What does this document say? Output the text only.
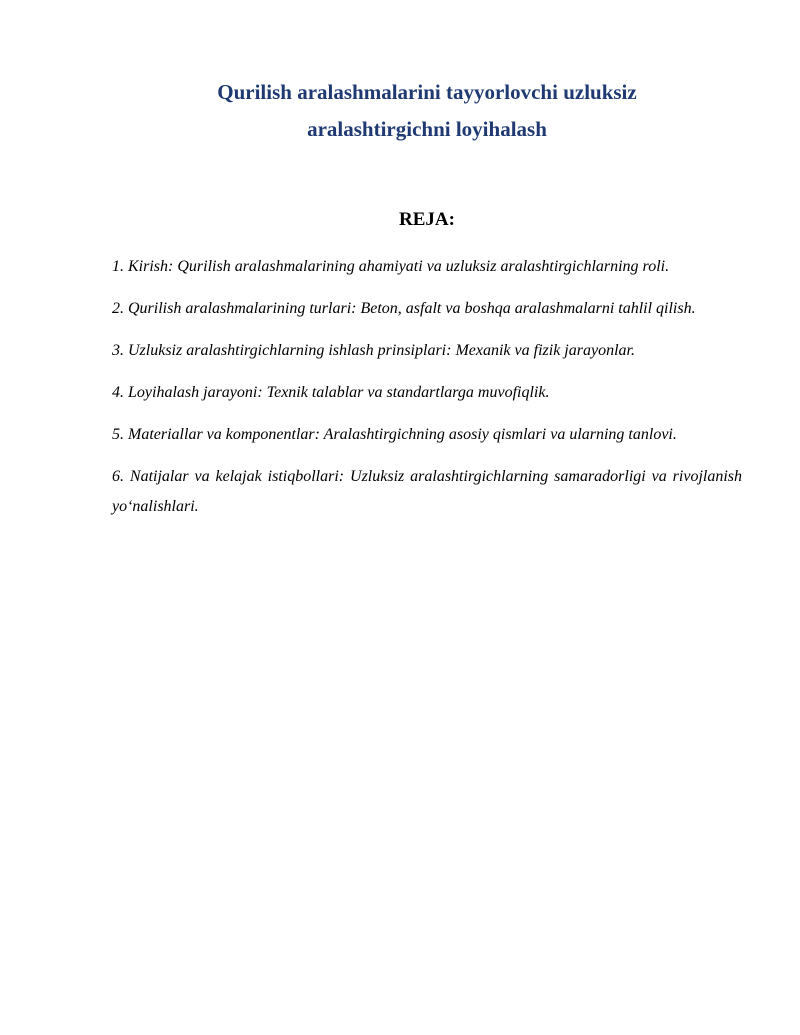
Qurilish aralashmalarini tayyorlovchi uzluksiz
aralashtirgichni loyihalash
REJA:
1. Kirish: Qurilish aralashmalarining ahamiyati va uzluksiz aralashtirgichlarning roli.
2. Qurilish aralashmalarining turlari: Beton, asfalt va boshqa aralashmalarni tahlil qilish.
3. Uzluksiz aralashtirgichlarning ishlash prinsiplari: Mexanik va fizik jarayonlar.
4. Loyihalash jarayoni: Texnik talablar va standartlarga muvofiqlik.
5. Materiallar va komponentlar: Aralashtirgichning asosiy qismlari va ularning tanlovi.
6. Natijalar va kelajak istiqbollari: Uzluksiz aralashtirgichlarning samaradorligi va rivojlanish yo‘nalishlari.
